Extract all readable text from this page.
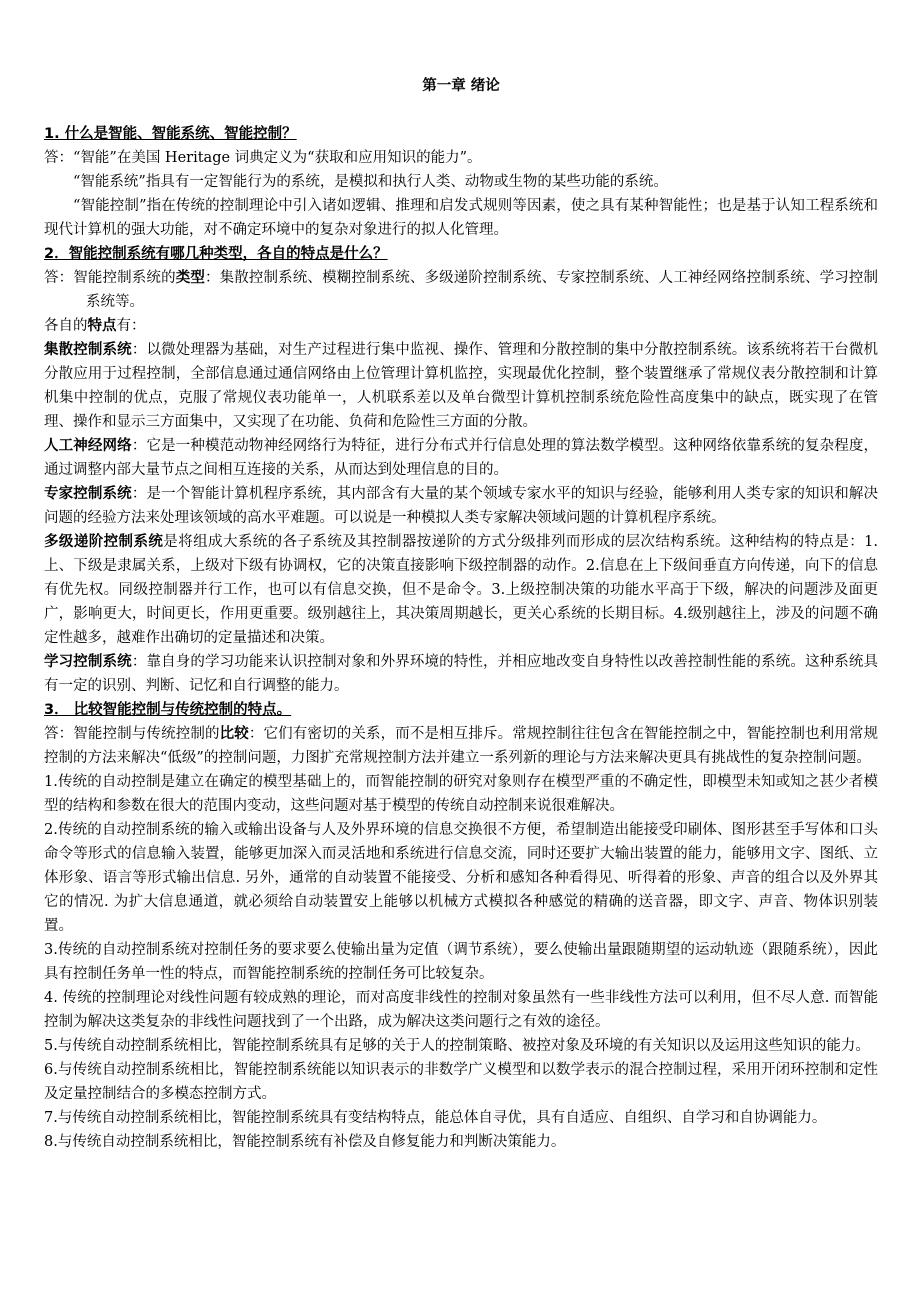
第一章 绪论

1. 什么是智能、智能系统、智能控制？

答：“智能”在美国 Heritage 词典定义为“获取和应用知识的能力”。

“智能系统”指具有一定智能行为的系统，是模拟和执行人类、动物或生物的某些功能的系统。

“智能控制”指在传统的控制理论中引入诸如逻辑、推理和启发式规则等因素，使之具有某种智能性；也是基于认知工程系统和现代计算机的强大功能，对不确定环境中的复杂对象进行的拟人化管理。

2．智能控制系统有哪几种类型，各自的特点是什么？

答：智能控制系统的类型：集散控制系统、模糊控制系统、多级递阶控制系统、专家控制系统、人工神经网络控制系统、学习控制系统等。

各自的特点有：

集散控制系统：以微处理器为基础，对生产过程进行集中监视、操作、管理和分散控制的集中分散控制系统。该系统将若干台微机分散应用于过程控制，全部信息通过通信网络由上位管理计算机监控，实现最优化控制，整个装置继承了常规仪表分散控制和计算机集中控制的优点，克服了常规仪表功能单一，人机联系差以及单台微型计算机控制系统危险性高度集中的缺点，既实现了在管理、操作和显示三方面集中，又实现了在功能、负荷和危险性三方面的分散。

人工神经网络：它是一种模范动物神经网络行为特征，进行分布式并行信息处理的算法数学模型。这种网络依靠系统的复杂程度，通过调整内部大量节点之间相互连接的关系，从而达到处理信息的目的。

专家控制系统：是一个智能计算机程序系统，其内部含有大量的某个领域专家水平的知识与经验，能够利用人类专家的知识和解决问题的经验方法来处理该领域的高水平难题。可以说是一种模拟人类专家解决领域问题的计算机程序系统。

多级递阶控制系统是将组成大系统的各子系统及其控制器按递阶的方式分级排列而形成的层次结构系统。这种结构的特点是：1.上、下级是隶属关系，上级对下级有协调权，它的决策直接影响下级控制器的动作。2.信息在上下级间垂直方向传递，向下的信息有优先权。同级控制器并行工作，也可以有信息交换，但不是命令。3.上级控制决策的功能水平高于下级，解决的问题涉及面更广，影响更大，时间更长，作用更重要。级别越往上，其决策周期越长，更关心系统的长期目标。4.级别越往上，涉及的问题不确定性越多，越难作出确切的定量描述和决策。

学习控制系统：靠自身的学习功能来认识控制对象和外界环境的特性，并相应地改变自身特性以改善控制性能的系统。这种系统具有一定的识别、判断、记忆和自行调整的能力。

3． 比较智能控制与传统控制的特点。

答：智能控制与传统控制的比较：它们有密切的关系，而不是相互排斥。常规控制往往包含在智能控制之中，智能控制也利用常规控制的方法来解决“低级”的控制问题，力图扩充常规控制方法并建立一系列新的理论与方法来解决更具有挑战性的复杂控制问题。

1.传统的自动控制是建立在确定的模型基础上的，而智能控制的研究对象则存在模型严重的不确定性，即模型未知或知之甚少者模型的结构和参数在很大的范围内变动，这些问题对基于模型的传统自动控制来说很难解决。

2.传统的自动控制系统的输入或输出设备与人及外界环境的信息交换很不方便，希望制造出能接受印刷体、图形甚至手写体和口头命令等形式的信息输入装置，能够更加深入而灵活地和系统进行信息交流，同时还要扩大输出装置的能力，能够用文字、图纸、立体形象、语言等形式输出信息. 另外，通常的自动装置不能接受、分析和感知各种看得见、听得着的形象、声音的组合以及外界其它的情况. 为扩大信息通道，就必须给自动装置安上能够以机械方式模拟各种感觉的精确的送音器，即文字、声音、物体识别装置。

3.传统的自动控制系统对控制任务的要求要么使输出量为定值（调节系统），要么使输出量跟随期望的运动轨迹（跟随系统），因此具有控制任务单一性的特点，而智能控制系统的控制任务可比较复杂。

4. 传统的控制理论对线性问题有较成熟的理论，而对高度非线性的控制对象虽然有一些非线性方法可以利用，但不尽人意. 而智能控制为解决这类复杂的非线性问题找到了一个出路，成为解决这类问题行之有效的途径。

5.与传统自动控制系统相比，智能控制系统具有足够的关于人的控制策略、被控对象及环境的有关知识以及运用这些知识的能力。

6.与传统自动控制系统相比，智能控制系统能以知识表示的非数学广义模型和以数学表示的混合控制过程，采用开闭环控制和定性及定量控制结合的多模态控制方式。

7.与传统自动控制系统相比，智能控制系统具有变结构特点，能总体自寻优，具有自适应、自组织、自学习和自协调能力。

8.与传统自动控制系统相比，智能控制系统有补偿及自修复能力和判断决策能力。
